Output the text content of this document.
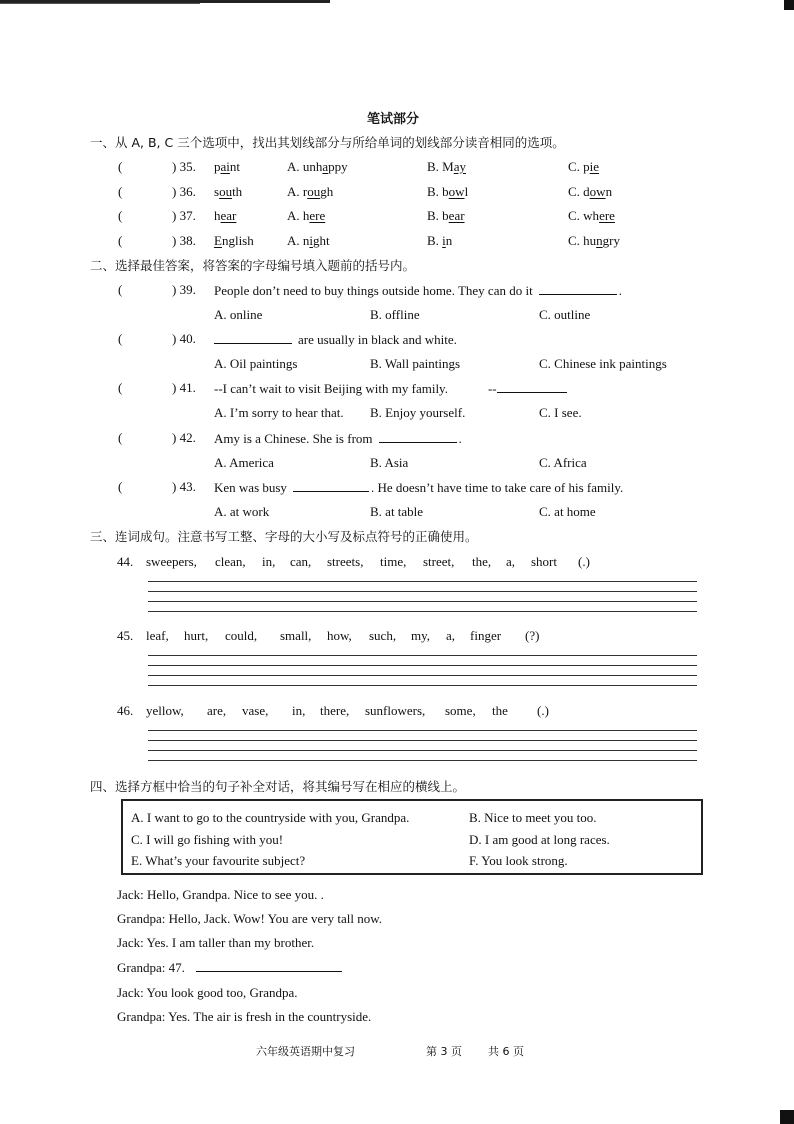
笔试部分
一、从 A, B, C 三个选项中，找出其划线部分与所给单词的划线部分读音相同的选项。
(	) 35. paint	A. unhappy	B. May	C. pie
(	) 36. south	A. rough	B. bowl	C. down
(	) 37. hear	A. here	B. bear	C. where
(	) 38. English	A. night	B. in	C. hungry
二、选择最佳答案，将答案的字母编号填入题前的括号内。
(	) 39. People don’t need to buy things outside home. They can do it	.
A. online	B. offline	C. outline
(	) 40.	are usually in black and white.
A. Oil paintings	B. Wall paintings	C. Chinese ink paintings
(	) 41. --I can’t wait to visit Beijing with my family.	--
A. I’m sorry to hear that. B. Enjoy yourself.	C. I see.
(	) 42. Amy is a Chinese. She is from	.
A. America	B. Asia	C. Africa
(	) 43. Ken was busy	. He doesn’t have time to take care of his family.
A. at work	B. at table	C. at home
三、连词成句。注意书写工整、字母的大小写及标点符号的正确使用。
44. sweepers, clean, in, can, streets, time, street, the, a, short (.)
45. leaf, hurt, could, small, how, such, my, a, finger (?)
46. yellow, are, vase, in, there, sunflowers, some, the (.)
四、选择方框中恰当的句子补全对话，将其编号写在相应的横线上。
A. I want to go to the countryside with you, Grandpa.	B. Nice to meet you too.
C. I will go fishing with you!	D. I am good at long races.
E. What’s your favourite subject?	F. You look strong.
Jack: Hello, Grandpa. Nice to see you. .
Grandpa: Hello, Jack. Wow! You are very tall now.
Jack: Yes. I am taller than my brother.
Grandpa: 47.
Jack: You look good too, Grandpa.
Grandpa: Yes. The air is fresh in the countryside.
六年级英语期中复习	第 3 页 共 6 页
